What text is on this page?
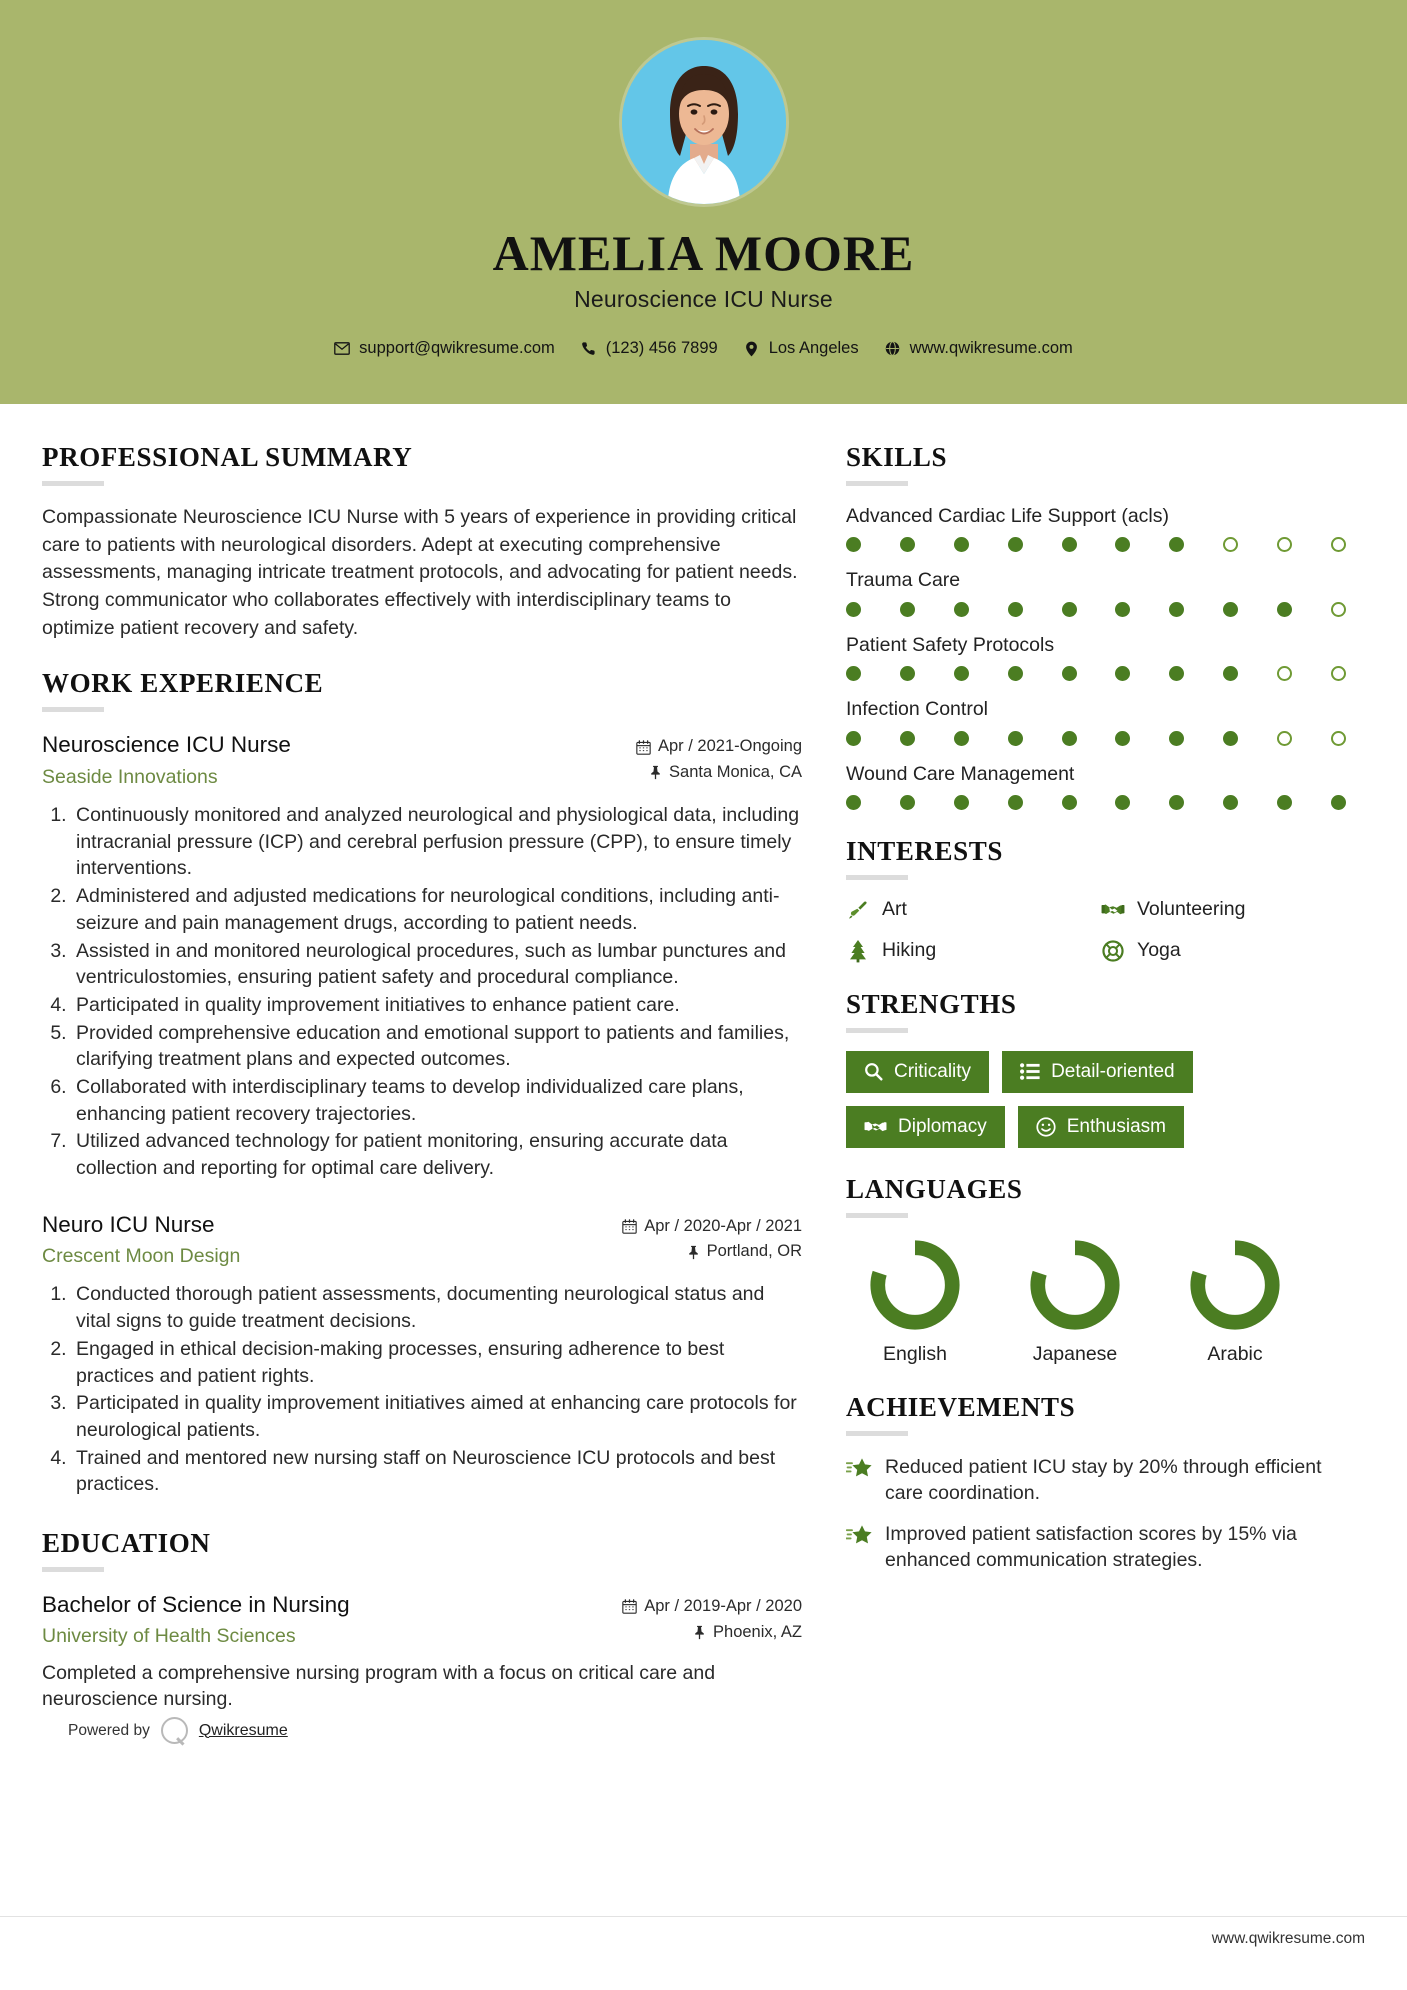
AMELIA MOORE
Neuroscience ICU Nurse
support@qwikresume.com	(123) 456 7899	Los Angeles	www.qwikresume.com
PROFESSIONAL SUMMARY
Compassionate Neuroscience ICU Nurse with 5 years of experience in providing critical care to patients with neurological disorders. Adept at executing comprehensive assessments, managing intricate treatment protocols, and advocating for patient needs. Strong communicator who collaborates effectively with interdisciplinary teams to optimize patient recovery and safety.
WORK EXPERIENCE
Neuroscience ICU Nurse
Seaside Innovations
Apr / 2021-Ongoing
Santa Monica, CA
1. Continuously monitored and analyzed neurological and physiological data, including intracranial pressure (ICP) and cerebral perfusion pressure (CPP), to ensure timely interventions.
2. Administered and adjusted medications for neurological conditions, including anti-seizure and pain management drugs, according to patient needs.
3. Assisted in and monitored neurological procedures, such as lumbar punctures and ventriculostomies, ensuring patient safety and procedural compliance.
4. Participated in quality improvement initiatives to enhance patient care.
5. Provided comprehensive education and emotional support to patients and families, clarifying treatment plans and expected outcomes.
6. Collaborated with interdisciplinary teams to develop individualized care plans, enhancing patient recovery trajectories.
7. Utilized advanced technology for patient monitoring, ensuring accurate data collection and reporting for optimal care delivery.
Neuro ICU Nurse
Crescent Moon Design
Apr / 2020-Apr / 2021
Portland, OR
1. Conducted thorough patient assessments, documenting neurological status and vital signs to guide treatment decisions.
2. Engaged in ethical decision-making processes, ensuring adherence to best practices and patient rights.
3. Participated in quality improvement initiatives aimed at enhancing care protocols for neurological patients.
4. Trained and mentored new nursing staff on Neuroscience ICU protocols and best practices.
EDUCATION
Bachelor of Science in Nursing
University of Health Sciences
Apr / 2019-Apr / 2020
Phoenix, AZ
Completed a comprehensive nursing program with a focus on critical care and neuroscience nursing.
Powered by	Qwikresume
SKILLS
Advanced Cardiac Life Support (acls)
Trauma Care
Patient Safety Protocols
Infection Control
Wound Care Management
INTERESTS
Art	Volunteering
Hiking	Yoga
STRENGTHS
Criticality	Detail-oriented
Diplomacy	Enthusiasm
LANGUAGES
English	Japanese	Arabic
ACHIEVEMENTS
Reduced patient ICU stay by 20% through efficient care coordination.
Improved patient satisfaction scores by 15% via enhanced communication strategies.
www.qwikresume.com
